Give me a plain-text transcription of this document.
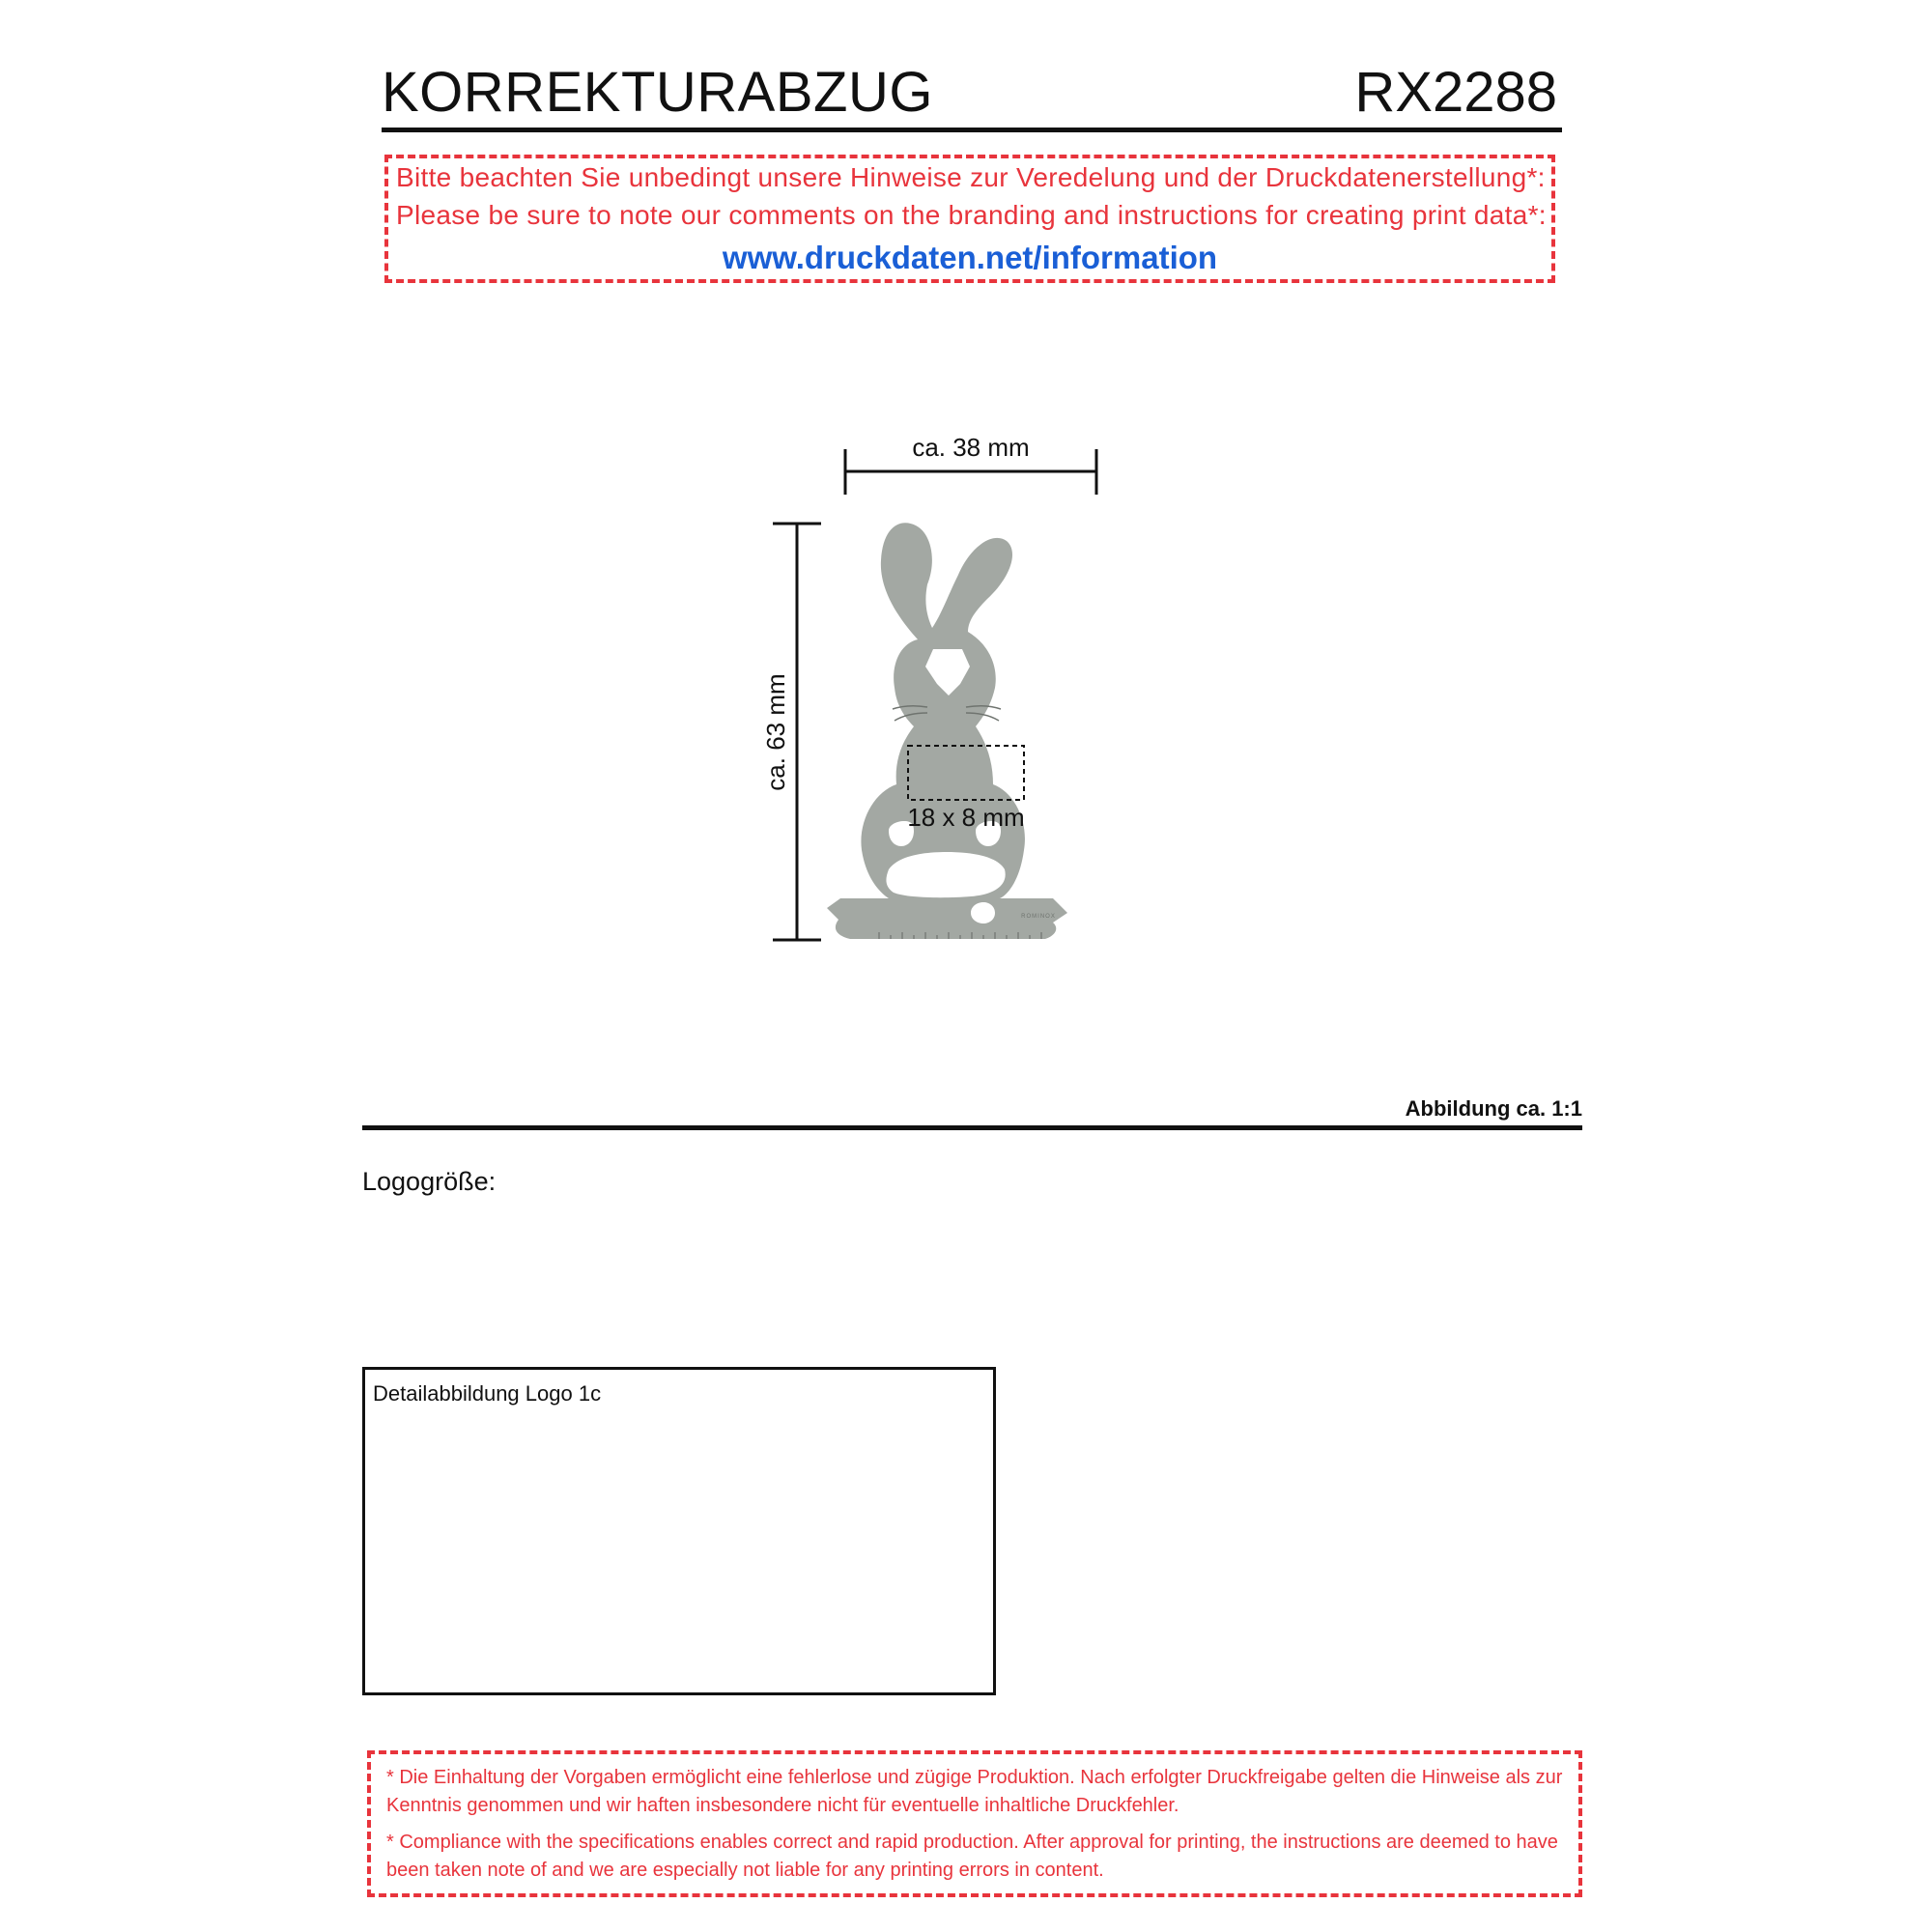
KORREKTURABZUG	RX2288
Bitte beachten Sie unbedingt unsere Hinweise zur Veredelung und der Druckdatenerstellung*:
Please be sure to note our comments on the branding and instructions for creating print data*:
www.druckdaten.net/information
ca. 38 mm
ca. 63 mm
ROMINOX
18 x 8 mm
Abbildung ca. 1:1
Logogröße:
Detailabbildung Logo 1c
* Die Einhaltung der Vorgaben ermöglicht eine fehlerlose und zügige Produktion. Nach erfolgter Druckfreigabe gelten die Hinweise als zur Kenntnis genommen und wir haften insbesondere nicht für eventuelle inhaltliche Druckfehler.
* Compliance with the specifications enables correct and rapid production. After approval for printing, the instructions are deemed to have been taken note of and we are especially not liable for any printing errors in content.
